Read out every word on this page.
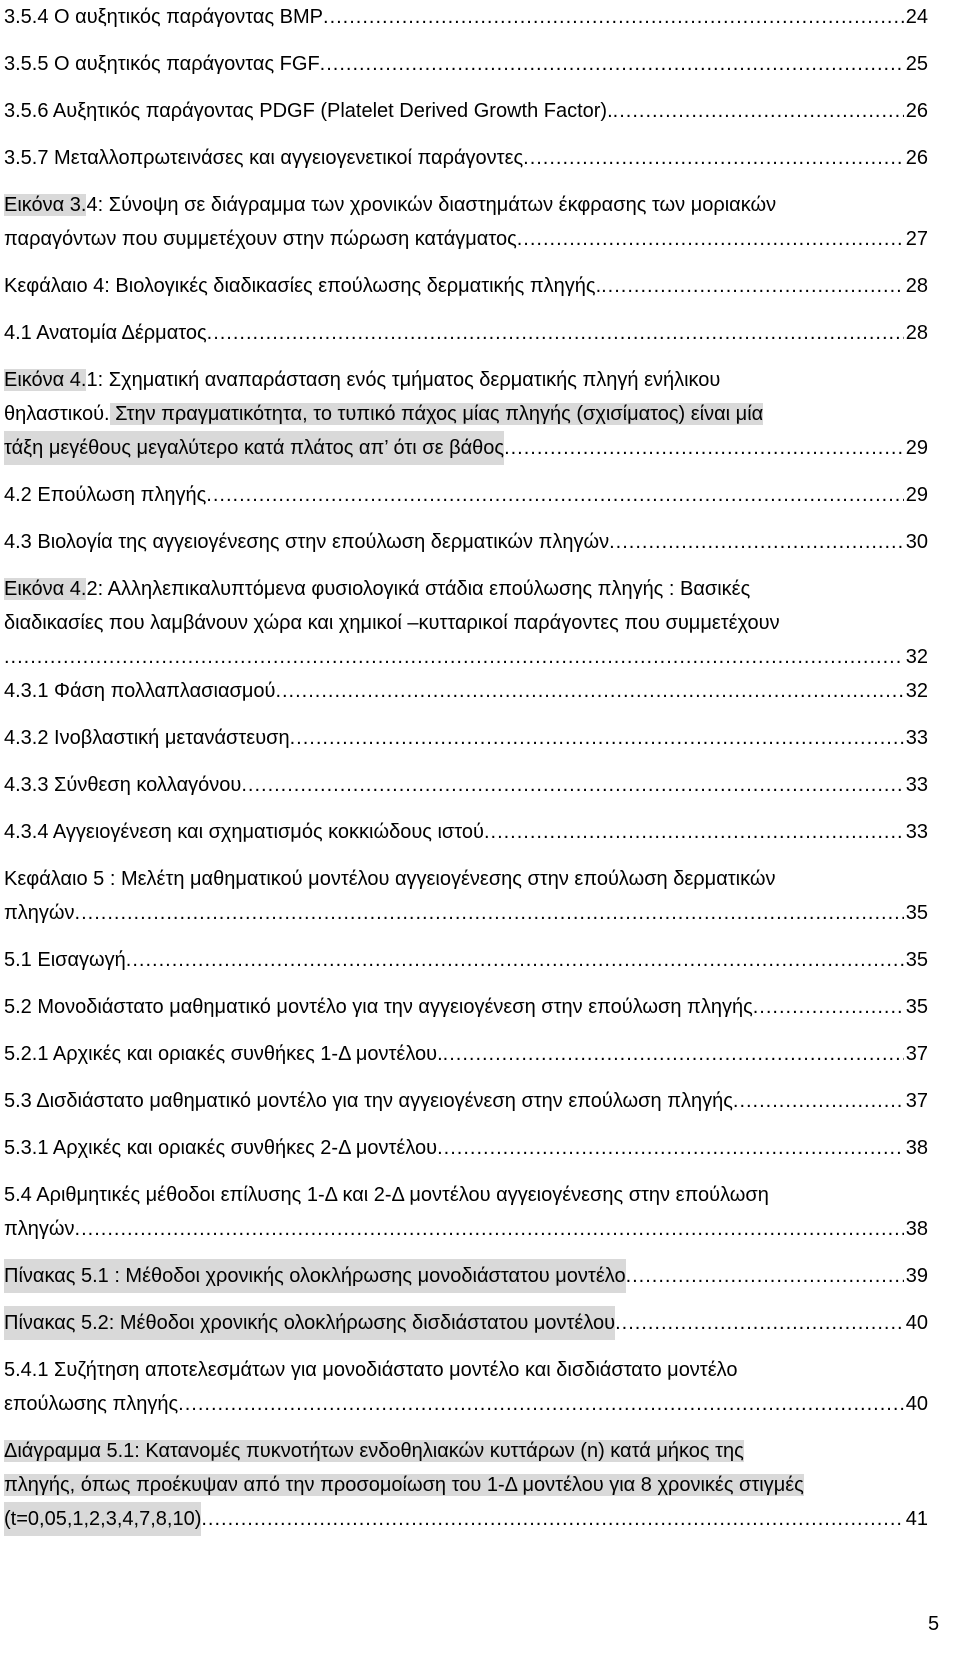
3.5.4 Ο αυξητικός παράγοντας BMP .....	24
3.5.5 Ο αυξητικός παράγοντας FGF .....	25
3.5.6 Αυξητικός παράγοντας PDGF (Platelet Derived Growth Factor). .....	26
3.5.7 Μεταλλοπρωτεινάσες και αγγειογενετικοί παράγοντες .....	26
Εικόνα 3.4: Σύνοψη σε διάγραμμα των χρονικών διαστημάτων έκφρασης των μοριακών
παραγόντων που συμμετέχουν στην πώρωση κατάγματος .....	27
Κεφάλαιο 4: Βιολογικές διαδικασίες επούλωσης δερματικής πληγής. .....	28
4.1 Ανατομία Δέρματος .....	28
Εικόνα 4.1: Σχηματική αναπαράσταση ενός τμήματος δερματικής πληγή ενήλικου
θηλαστικού. Στην πραγματικότητα, το τυπικό πάχος μίας πληγής (σχισίματος) είναι μία
τάξη μεγέθους μεγαλύτερο κατά πλάτος απ’ ότι σε βάθος .....	29
4.2 Επούλωση πληγής .....	29
4.3 Βιολογία της αγγειογένεσης στην επούλωση δερματικών πληγών .....	30
Εικόνα 4.2: Αλληλεπικαλυπτόμενα φυσιολογικά στάδια επούλωσης πληγής : Βασικές
διαδικασίες που λαμβάνουν χώρα και χημικοί –κυτταρικοί παράγοντες που συμμετέχουν
.....
32
4.3.1 Φάση πολλαπλασιασμού .....	32
4.3.2 Ινοβλαστική μετανάστευση .....	33
4.3.3 Σύνθεση κολλαγόνου .....	33
4.3.4 Αγγειογένεση και σχηματισμός κοκκιώδους ιστού .....	33
Κεφάλαιο 5 : Μελέτη μαθηματικού μοντέλου αγγειογένεσης στην επούλωση δερματικών
πληγών .....	35
5.1 Εισαγωγή .....	35
5.2 Μονοδιάστατο μαθηματικό μοντέλο για την αγγειογένεση στην επούλωση πληγής .....	35
5.2.1 Αρχικές και οριακές συνθήκες 1-Δ μοντέλου. .....	37
5.3 Δισδιάστατο μαθηματικό μοντέλο για την αγγειογένεση στην επούλωση πληγής .....	37
5.3.1 Αρχικές και οριακές συνθήκες 2-Δ μοντέλου .....	38
5.4 Αριθμητικές μέθοδοι επίλυσης 1-Δ και 2-Δ μοντέλου αγγειογένεσης στην επούλωση
πληγών .....	38
Πίνακας 5.1 : Μέθοδοι χρονικής ολοκλήρωσης μονοδιάστατου μοντέλο .....	39
Πίνακας 5.2: Μέθοδοι χρονικής ολοκλήρωσης δισδιάστατου μοντέλου .....	40
5.4.1 Συζήτηση αποτελεσμάτων για μονοδιάστατο μοντέλο και δισδιάστατο μοντέλο
επούλωσης πληγής .....	40
Διάγραμμα 5.1: Κατανομές πυκνοτήτων ενδοθηλιακών κυττάρων (n) κατά μήκος της
πληγής, όπως προέκυψαν από την προσομοίωση του 1-Δ μοντέλου για 8 χρονικές στιγμές
(t=0,05,1,2,3,4,7,8,10) .....	41
5
